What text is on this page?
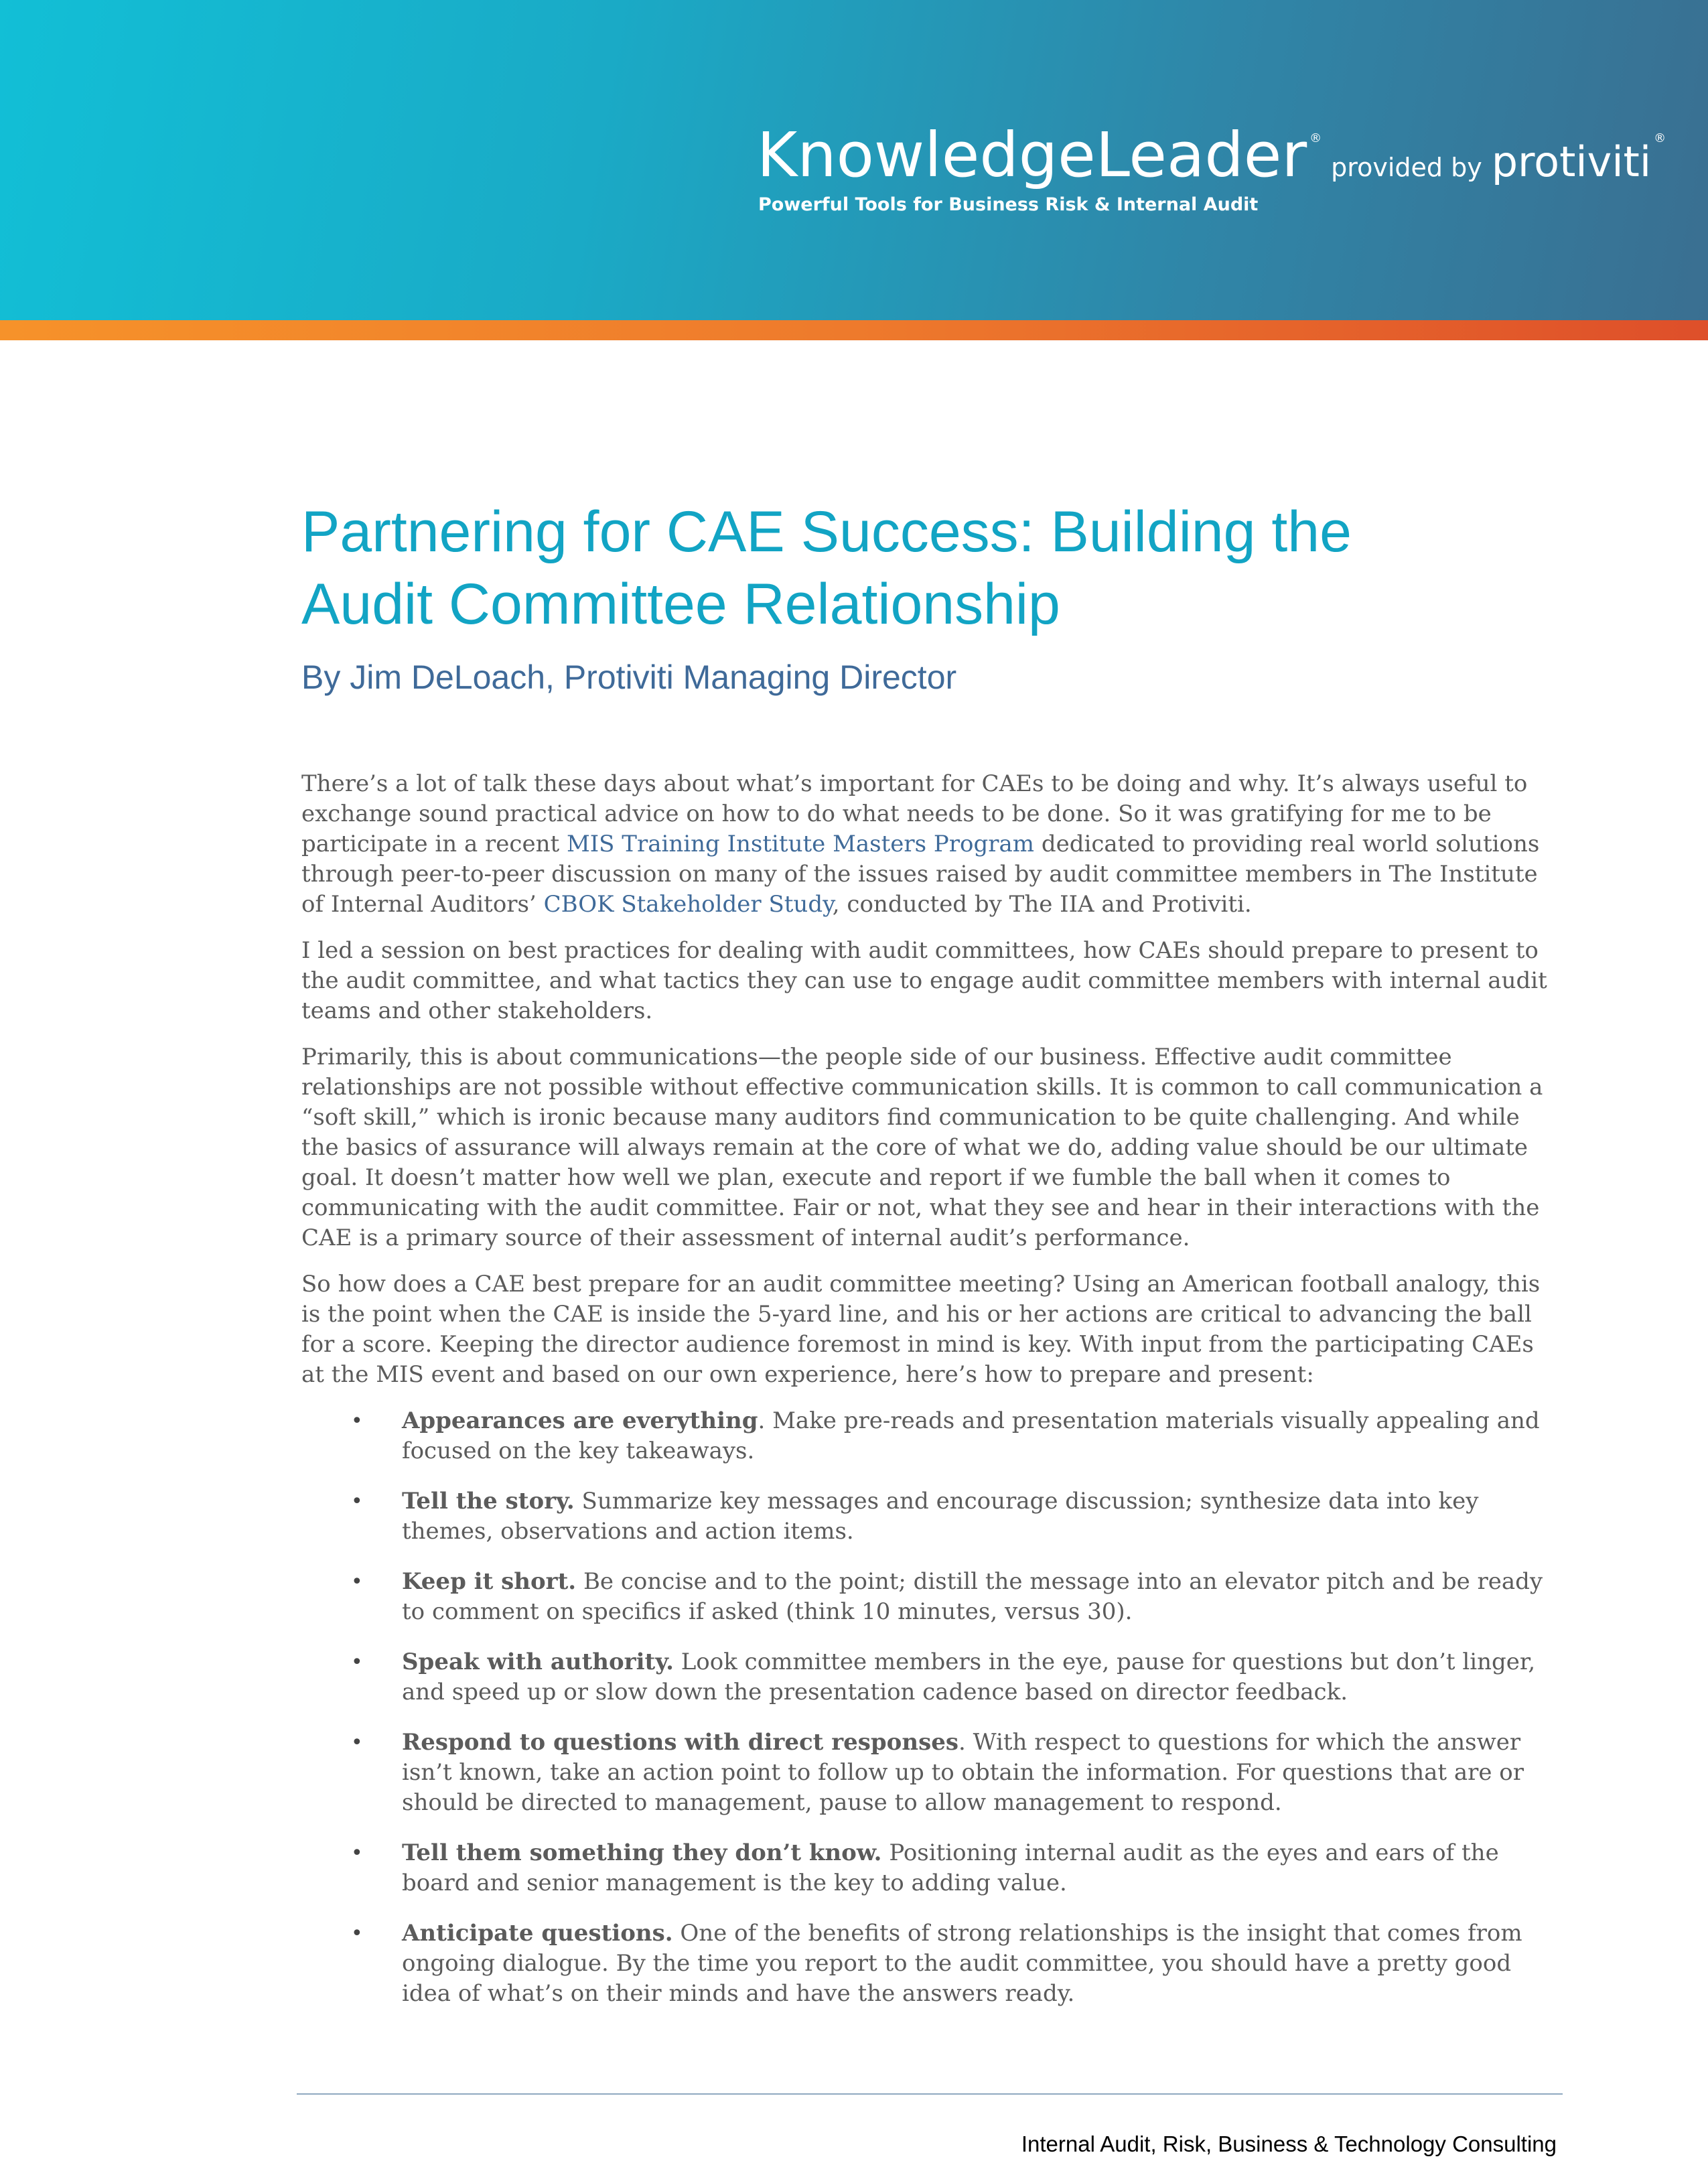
KnowledgeLeader ®provided by protiviti ®
Powerful Tools for Business Risk & Internal Audit
Partnering for CAE Success: Building the
Audit Committee Relationship
By Jim DeLoach, Protiviti Managing Director

There’s a lot of talk these days about what’s important for CAEs to be doing and why. It’s always useful to exchange sound practical advice on how to do what needs to be done. So it was gratifying for me to be participate in a recent MIS Training Institute Masters Program dedicated to providing real world solutions through peer-to-peer discussion on many of the issues raised by audit committee members in The Institute of Internal Auditors’ CBOK Stakeholder Study, conducted by The IIA and Protiviti.

I led a session on best practices for dealing with audit committees, how CAEs should prepare to present to the audit committee, and what tactics they can use to engage audit committee members with internal audit teams and other stakeholders.

Primarily, this is about communications—the people side of our business. Effective audit committee relationships are not possible without effective communication skills. It is common to call communication a “soft skill,” which is ironic because many auditors find communication to be quite challenging. And while the basics of assurance will always remain at the core of what we do, adding value should be our ultimate goal. It doesn’t matter how well we plan, execute and report if we fumble the ball when it comes to communicating with the audit committee. Fair or not, what they see and hear in their interactions with the CAE is a primary source of their assessment of internal audit’s performance.

So how does a CAE best prepare for an audit committee meeting? Using an American football analogy, this is the point when the CAE is inside the 5-yard line, and his or her actions are critical to advancing the ball for a score. Keeping the director audience foremost in mind is key. With input from the participating CAEs at the MIS event and based on our own experience, here’s how to prepare and present:

• Appearances are everything. Make pre-reads and presentation materials visually appealing and focused on the key takeaways.
• Tell the story. Summarize key messages and encourage discussion; synthesize data into key themes, observations and action items.
• Keep it short. Be concise and to the point; distill the message into an elevator pitch and be ready to comment on specifics if asked (think 10 minutes, versus 30).
• Speak with authority. Look committee members in the eye, pause for questions but don’t linger, and speed up or slow down the presentation cadence based on director feedback.
• Respond to questions with direct responses. With respect to questions for which the answer isn’t known, take an action point to follow up to obtain the information. For questions that are or should be directed to management, pause to allow management to respond.
• Tell them something they don’t know. Positioning internal audit as the eyes and ears of the board and senior management is the key to adding value.
• Anticipate questions. One of the benefits of strong relationships is the insight that comes from ongoing dialogue. By the time you report to the audit committee, you should have a pretty good idea of what’s on their minds and have the answers ready.
Internal Audit, Risk, Business & Technology Consulting
